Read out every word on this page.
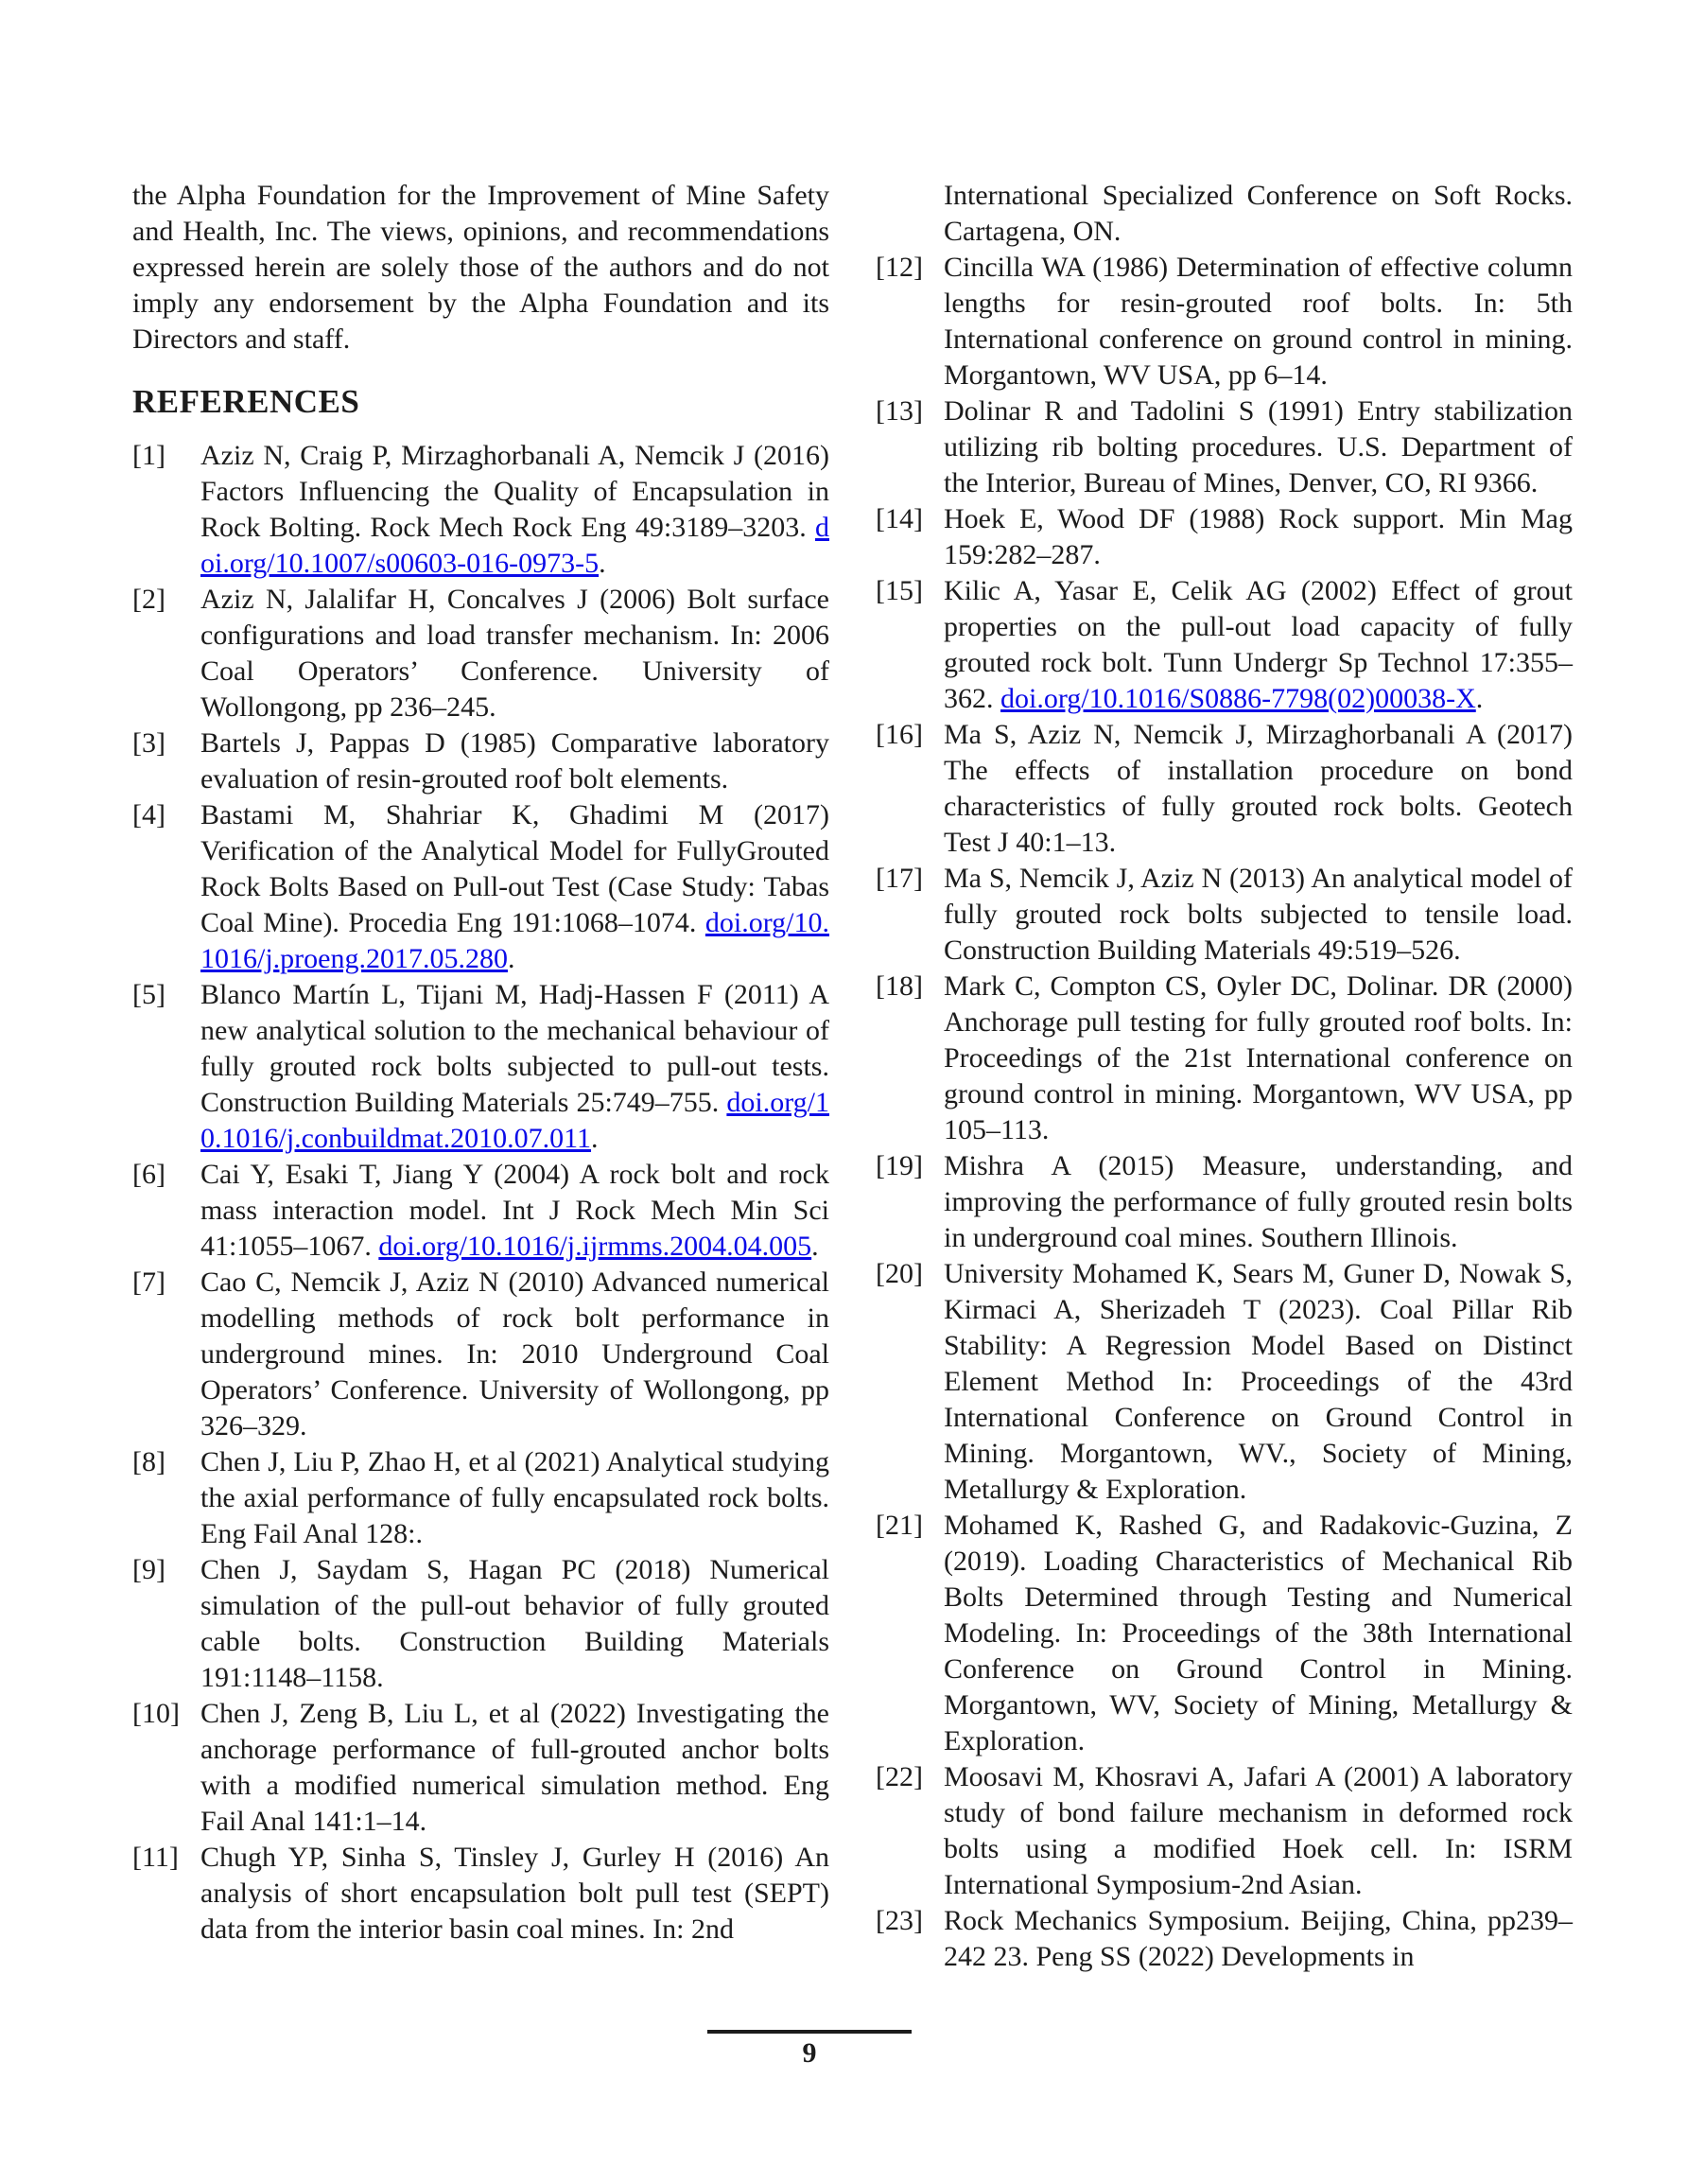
the Alpha Foundation for the Improvement of Mine Safety and Health, Inc. The views, opinions, and recommendations expressed herein are solely those of the authors and do not imply any endorsement by the Alpha Foundation and its Directors and staff.

REFERENCES
[1]	Aziz N, Craig P, Mirzaghorbanali A, Nemcik J (2016) Factors Influencing the Quality of Encapsulation in Rock Bolting. Rock Mech Rock Eng 49:3189–3203. doi.org/10.1007/s00603-016-0973-5.
[2]	Aziz N, Jalalifar H, Concalves J (2006) Bolt surface configurations and load transfer mechanism. In: 2006 Coal Operators’ Conference. University of Wollongong, pp 236–245.
[3]	Bartels J, Pappas D (1985) Comparative laboratory evaluation of resin-grouted roof bolt elements.
[4]	Bastami M, Shahriar K, Ghadimi M (2017) Verification of the Analytical Model for FullyGrouted Rock Bolts Based on Pull-out Test (Case Study: Tabas Coal Mine). Procedia Eng 191:1068–1074. doi.org/10.1016/j.proeng.2017.05.280.
[5]	Blanco Martín L, Tijani M, Hadj-Hassen F (2011) A new analytical solution to the mechanical behaviour of fully grouted rock bolts subjected to pull-out tests. Construction Building Materials 25:749–755. doi.org/10.1016/j.conbuildmat.2010.07.011.
[6]	Cai Y, Esaki T, Jiang Y (2004) A rock bolt and rock mass interaction model. Int J Rock Mech Min Sci 41:1055–1067. doi.org/10.1016/j.ijrmms.2004.04.005.
[7]	Cao C, Nemcik J, Aziz N (2010) Advanced numerical modelling methods of rock bolt performance in underground mines. In: 2010 Underground Coal Operators’ Conference. University of Wollongong, pp 326–329.
[8]	Chen J, Liu P, Zhao H, et al (2021) Analytical studying the axial performance of fully encapsulated rock bolts. Eng Fail Anal 128:.
[9]	Chen J, Saydam S, Hagan PC (2018) Numerical simulation of the pull-out behavior of fully grouted cable bolts. Construction Building Materials 191:1148–1158.
[10] Chen J, Zeng B, Liu L, et al (2022) Investigating the anchorage performance of full-grouted anchor bolts with a modified numerical simulation method. Eng Fail Anal 141:1–14.
[11] Chugh YP, Sinha S, Tinsley J, Gurley H (2016) An analysis of short encapsulation bolt pull test (SEPT) data from the interior basin coal mines. In: 2nd

International Specialized Conference on Soft Rocks. Cartagena, ON.

[12] Cincilla WA (1986) Determination of effective column lengths for resin-grouted roof bolts. In: 5th International conference on ground control in mining. Morgantown, WV USA, pp 6–14.
[13] Dolinar R and Tadolini S (1991) Entry stabilization utilizing rib bolting procedures. U.S. Department of the Interior, Bureau of Mines, Denver, CO, RI 9366.
[14] Hoek E, Wood DF (1988) Rock support. Min Mag 159:282–287.
[15] Kilic A, Yasar E, Celik AG (2002) Effect of grout properties on the pull-out load capacity of fully grouted rock bolt. Tunn Undergr Sp Technol 17:355–362. doi.org/10.1016/S0886-7798(02)00038-X.
[16] Ma S, Aziz N, Nemcik J, Mirzaghorbanali A (2017) The effects of installation procedure on bond characteristics of fully grouted rock bolts. Geotech Test J 40:1–13.
[17] Ma S, Nemcik J, Aziz N (2013) An analytical model of fully grouted rock bolts subjected to tensile load. Construction Building Materials 49:519–526.
[18] Mark C, Compton CS, Oyler DC, Dolinar. DR (2000) Anchorage pull testing for fully grouted roof bolts. In: Proceedings of the 21st International conference on ground control in mining. Morgantown, WV USA, pp 105–113.
[19] Mishra A (2015) Measure, understanding, and improving the performance of fully grouted resin bolts in underground coal mines. Southern Illinois.
[20] University Mohamed K, Sears M, Guner D, Nowak S, Kirmaci A, Sherizadeh T (2023). Coal Pillar Rib Stability: A Regression Model Based on Distinct Element Method In: Proceedings of the 43rd International Conference on Ground Control in Mining. Morgantown, WV., Society of Mining, Metallurgy & Exploration.
[21] Mohamed K, Rashed G, and Radakovic-Guzina, Z (2019). Loading Characteristics of Mechanical Rib Bolts Determined through Testing and Numerical Modeling. In: Proceedings of the 38th International Conference on Ground Control in Mining. Morgantown, WV, Society of Mining, Metallurgy & Exploration.
[22] Moosavi M, Khosravi A, Jafari A (2001) A laboratory study of bond failure mechanism in deformed rock bolts using a modified Hoek cell. In: ISRM International Symposium-2nd Asian.
[23] Rock Mechanics Symposium. Beijing, China, pp239–242 23. Peng SS (2022) Developments in
9
